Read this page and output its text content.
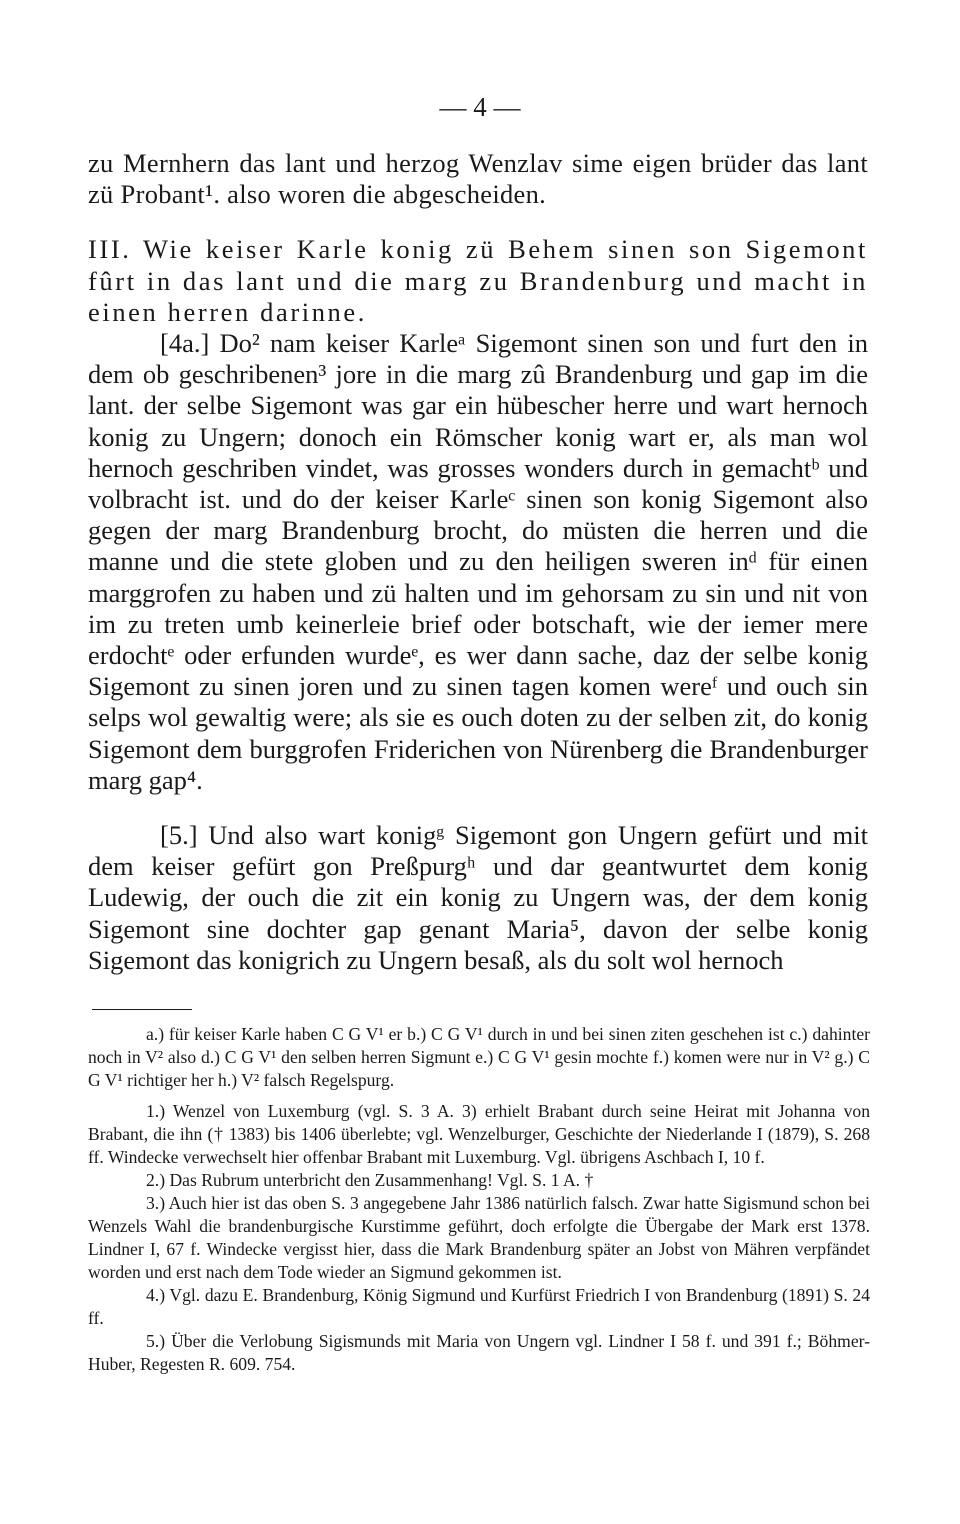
— 4 —

zu Mernhern das lant und herzog Wenzlav sime eigen brüder das lant zü Probant¹. also woren die abgescheiden.

III. Wie keiser Karle konig zü Behem sinen son Sigemont fûrt in das lant und die marg zu Brandenburg und macht in einen herren darinne.

[4a.] Do² nam keiser Karleᵃ Sigemont sinen son und furt den in dem ob geschribenen³ jore in die marg zû Brandenburg und gap im die lant. der selbe Sigemont was gar ein hübescher herre und wart hernoch konig zu Ungern; donoch ein Römscher konig wart er, als man wol hernoch geschriben vindet, was grosses wonders durch in gemachtᵇ und volbracht ist. und do der keiser Karleᶜ sinen son konig Sigemont also gegen der marg Brandenburg brocht, do müsten die herren und die manne und die stete globen und zu den heiligen sweren inᵈ für einen marggrofen zu haben und zü halten und im gehorsam zu sin und nit von im zu treten umb keinerleie brief oder botschaft, wie der iemer mere erdochtᵉ oder erfunden wurdeᵉ, es wer dann sache, daz der selbe konig Sigemont zu sinen joren und zu sinen tagen komen wereᶠ und ouch sin selps wol gewaltig were; als sie es ouch doten zu der selben zit, do konig Sigemont dem burggrofen Friderichen von Nürenberg die Brandenburger marg gap⁴.

[5.] Und also wart konigᵍ Sigemont gon Ungern gefürt und mit dem keiser gefürt gon Preßpurgʰ und dar geantwurtet dem konig Ludewig, der ouch die zit ein konig zu Ungern was, der dem konig Sigemont sine dochter gap genant Maria⁵, davon der selbe konig Sigemont das konigrich zu Ungern besaß, als du solt wol hernoch

a.) für keiser Karle haben C G V¹ er b.) C G V¹ durch in und bei sinen ziten geschehen ist c.) dahinter noch in V² also d.) C G V¹ den selben herren Sigmunt e.) C G V¹ gesin mochte f.) komen were nur in V² g.) C G V¹ richtiger her h.) V² falsch Regelspurg.

1.) Wenzel von Luxemburg (vgl. S. 3 A. 3) erhielt Brabant durch seine Heirat mit Johanna von Brabant, die ihn († 1383) bis 1406 überlebte; vgl. Wenzelburger, Geschichte der Niederlande I (1879), S. 268 ff. Windecke verwechselt hier offenbar Brabant mit Luxemburg. Vgl. übrigens Aschbach I, 10 f.

2.) Das Rubrum unterbricht den Zusammenhang! Vgl. S. 1 A. †

3.) Auch hier ist das oben S. 3 angegebene Jahr 1386 natürlich falsch. Zwar hatte Sigismund schon bei Wenzels Wahl die brandenburgische Kurstimme geführt, doch erfolgte die Übergabe der Mark erst 1378. Lindner I, 67 f. Windecke vergisst hier, dass die Mark Brandenburg später an Jobst von Mähren verpfändet worden und erst nach dem Tode wieder an Sigmund gekommen ist.

4.) Vgl. dazu E. Brandenburg, König Sigmund und Kurfürst Friedrich I von Brandenburg (1891) S. 24 ff.

5.) Über die Verlobung Sigismunds mit Maria von Ungern vgl. Lindner I 58 f. und 391 f.; Böhmer-Huber, Regesten R. 609. 754.
